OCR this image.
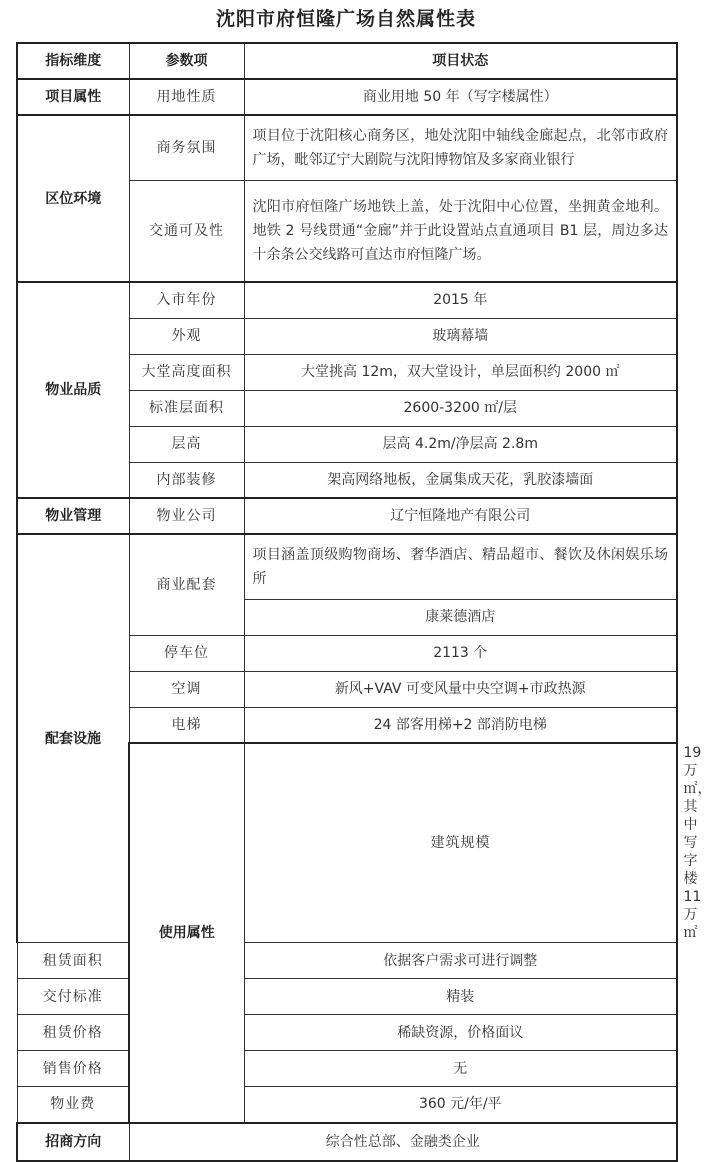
沈阳市府恒隆广场自然属性表
指标维度	参数项	项目状态	
项目属性	用地性质	商业用地 50 年（写字楼属性）	
区位环境	商务氛围	项目位于沈阳核心商务区，地处沈阳中轴线金廊起点，北邻市政府广场，毗邻辽宁大剧院与沈阳博物馆及多家商业银行	
	交通可及性	沈阳市府恒隆广场地铁上盖，处于沈阳中心位置，坐拥黄金地利。地铁 2 号线贯通“金廊”并于此设置站点直通项目 B1 层，周边多达十余条公交线路可直达市府恒隆广场。	
物业品质	入市年份	2015 年	
	外观	玻璃幕墙	
	大堂高度面积	大堂挑高 12m，双大堂设计，单层面积约 2000 ㎡	
	标准层面积	2600-3200 ㎡/层	
	层高	层高 4.2m/净层高 2.8m	
	内部装修	架高网络地板，金属集成天花，乳胶漆墙面	
物业管理	物业公司	辽宁恒隆地产有限公司	
配套设施	商业配套	项目涵盖顶级购物商场、奢华酒店、精品超市、餐饮及休闲娱乐场所	
		康莱德酒店	
	停车位	2113 个	
	空调	新风+VAV 可变风量中央空调+市政热源	
	电梯	24 部客用梯+2 部消防电梯	
	使用属性	建筑规模	19 万㎡，其中写字楼 11 万㎡
租赁面积		依据客户需求可进行调整	
交付标准		精装	
租赁价格		稀缺资源，价格面议	
销售价格		无	
物业费		360 元/年/平	
招商方向	综合性总部、金融类企业		
